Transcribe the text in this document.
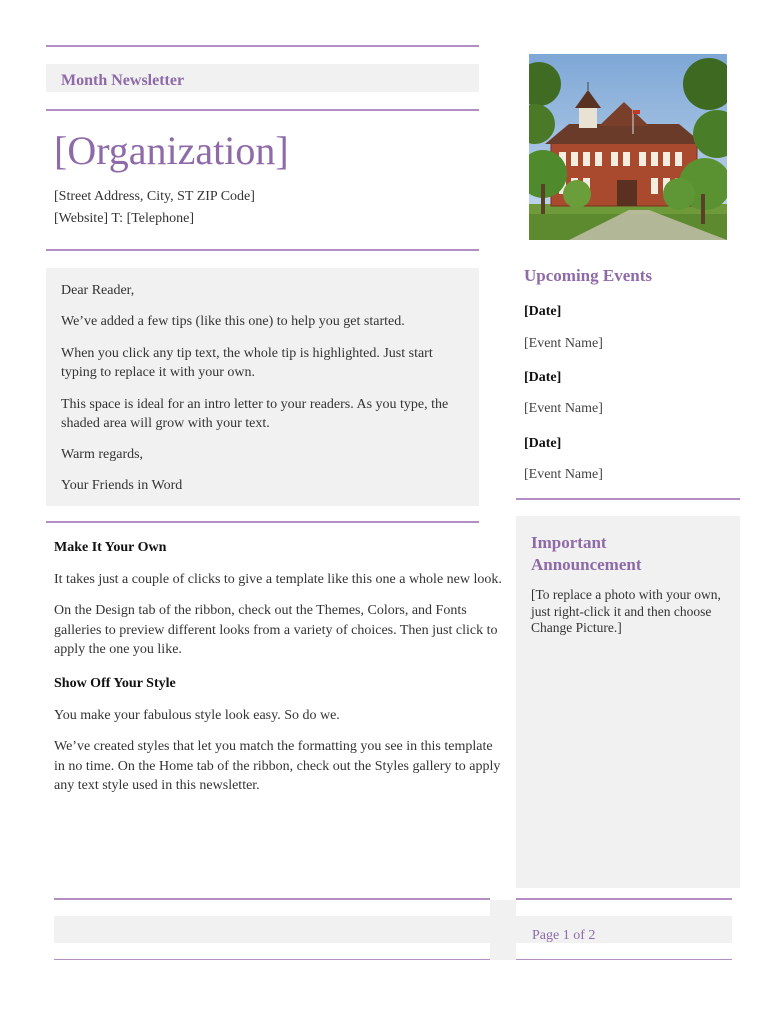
Month Newsletter
[Organization]
[Street Address, City, ST ZIP Code]
[Website] T: [Telephone]

Dear Reader,

We’ve added a few tips (like this one) to help you get started.

When you click any tip text, the whole tip is highlighted. Just start typing to replace it with your own.

This space is ideal for an intro letter to your readers. As you type, the shaded area will grow with your text.

Warm regards,

Your Friends in Word

Make It Your Own

It takes just a couple of clicks to give a template like this one a whole new look.

On the Design tab of the ribbon, check out the Themes, Colors, and Fonts galleries to preview different looks from a variety of choices. Then just click to apply the one you like.

Show Off Your Style

You make your fabulous style look easy. So do we.

We’ve created styles that let you match the formatting you see in this template in no time. On the Home tab of the ribbon, check out the Styles gallery to apply any text style used in this newsletter.

Upcoming Events
[Date]
[Event Name]
[Date]
[Event Name]
[Date]
[Event Name]
Important Announcement

[To replace a photo with your own, just right-click it and then choose Change Picture.]

Page 1 of 2
